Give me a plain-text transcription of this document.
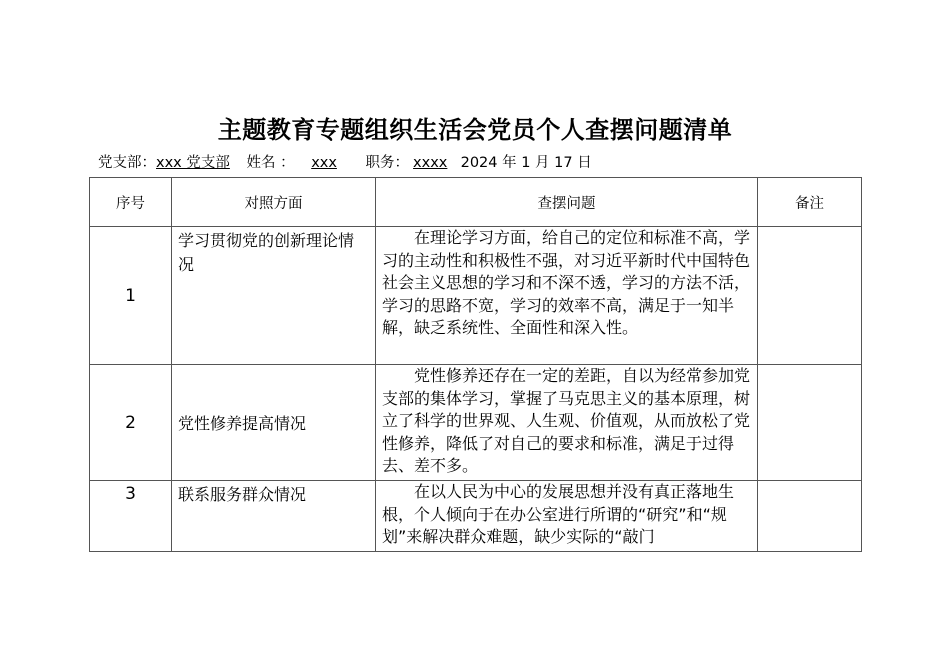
主题教育专题组织生活会党员个人查摆问题清单
党支部：xxx 党支部 姓名 ： xxx 职务： xxxx 2024 年 1 月 17 日
序号	对照方面	查摆问题	备注
1	学习贯彻党的创新理论情况	在理论学习方面，给自己的定位和标准不高，学习的主动性和积极性不强，对习近平新时代中国特色社会主义思想的学习和不深不透，学习的方法不活，学习的思路不宽，学习的效率不高，满足于一知半解，缺乏系统性、全面性和深入性。	

2	党性修养提高情况	党性修养还存在一定的差距，自以为经常参加党支部的集体学习，掌握了马克思主义的基本原理，树立了科学的世界观、人生观、价值观，从而放松了党性修养，降低了对自己的要求和标准，满足于过得去、差不多。	

3	联系服务群众情况	在以人民为中心的发展思想并没有真正落地生根，个人倾向于在办公室进行所谓的“研究”和“规划”来解决群众难题，缺少实际的“敲门	
